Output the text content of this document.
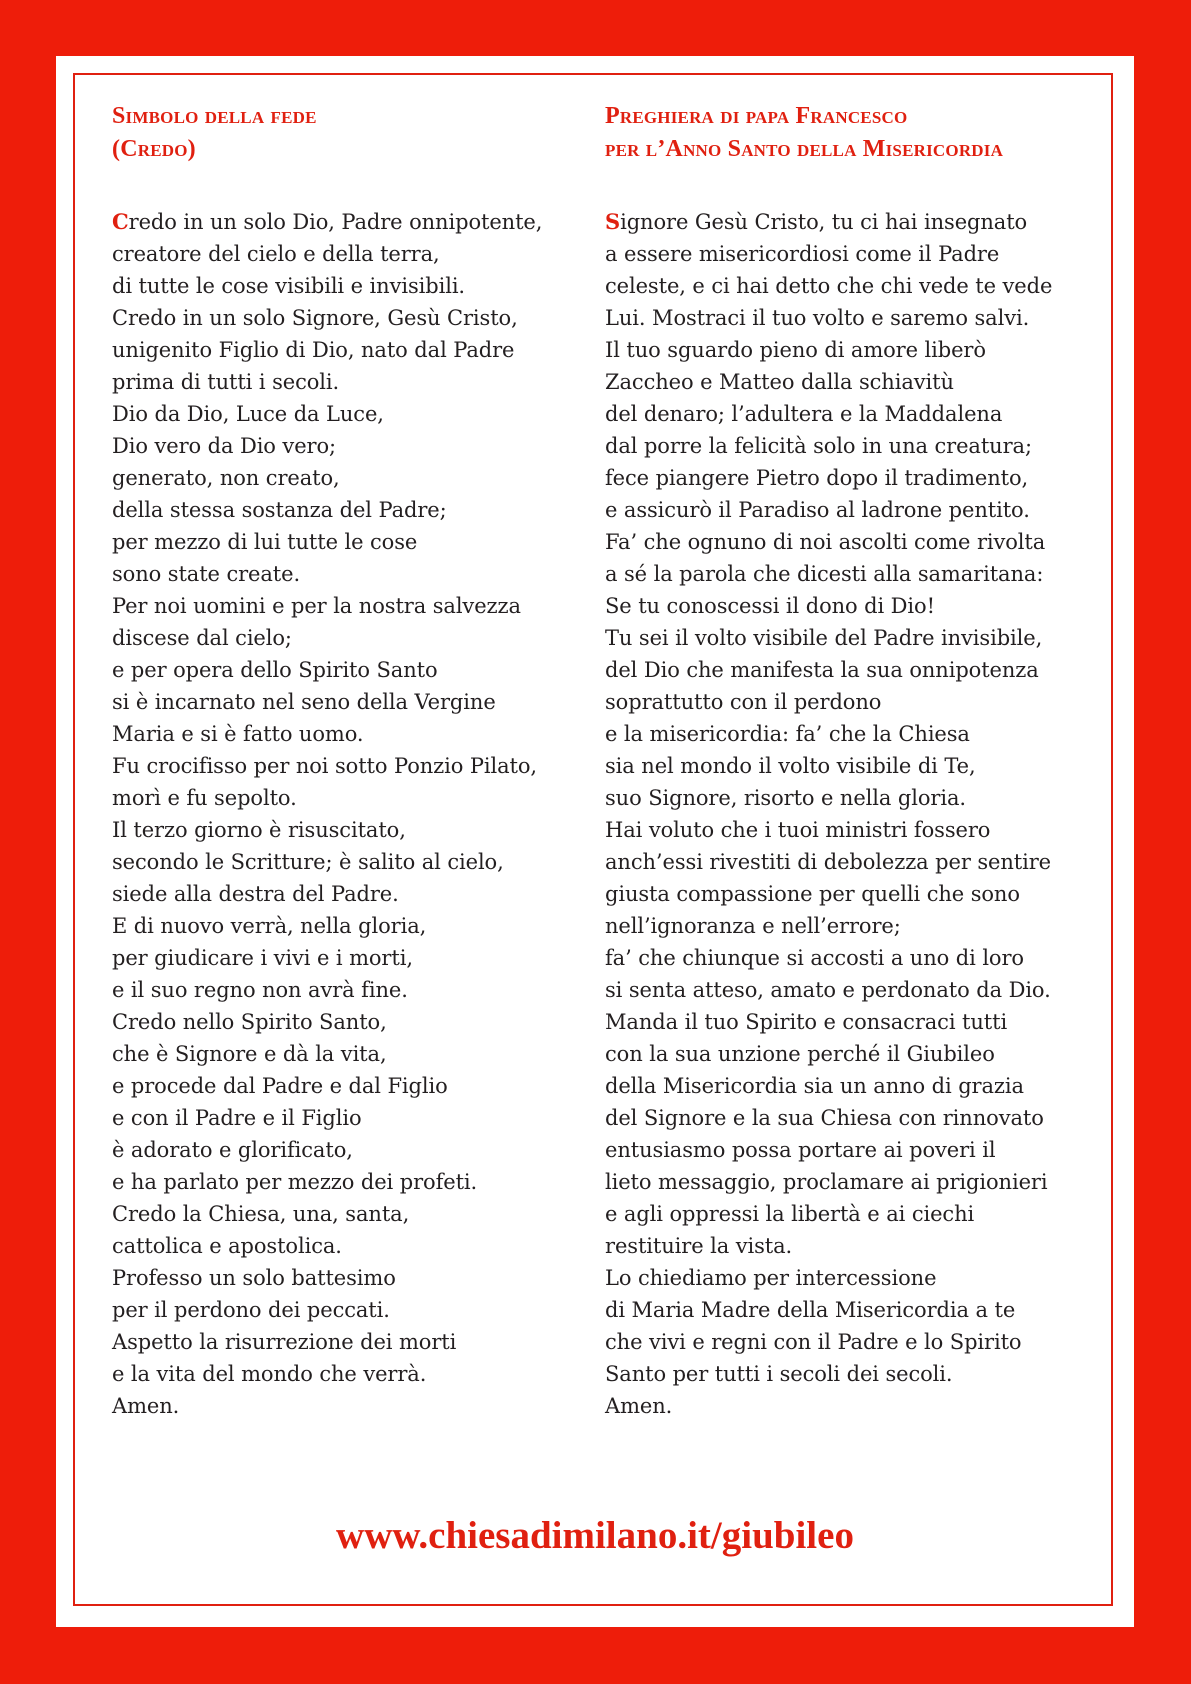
Simbolo della fede
(Credo)
Credo in un solo Dio, Padre onnipotente,
creatore del cielo e della terra,
di tutte le cose visibili e invisibili.
Credo in un solo Signore, Gesù Cristo,
unigenito Figlio di Dio, nato dal Padre
prima di tutti i secoli.
Dio da Dio, Luce da Luce,
Dio vero da Dio vero;
generato, non creato,
della stessa sostanza del Padre;
per mezzo di lui tutte le cose
sono state create.
Per noi uomini e per la nostra salvezza
discese dal cielo;
e per opera dello Spirito Santo
si è incarnato nel seno della Vergine
Maria e si è fatto uomo.
Fu crocifisso per noi sotto Ponzio Pilato,
morì e fu sepolto.
Il terzo giorno è risuscitato,
secondo le Scritture; è salito al cielo,
siede alla destra del Padre.
E di nuovo verrà, nella gloria,
per giudicare i vivi e i morti,
e il suo regno non avrà fine.
Credo nello Spirito Santo,
che è Signore e dà la vita,
e procede dal Padre e dal Figlio
e con il Padre e il Figlio
è adorato e glorificato,
e ha parlato per mezzo dei profeti.
Credo la Chiesa, una, santa,
cattolica e apostolica.
Professo un solo battesimo
per il perdono dei peccati.
Aspetto la risurrezione dei morti
e la vita del mondo che verrà.
Amen.
Preghiera di papa Francesco
per l’Anno Santo della Misericordia
Signore Gesù Cristo, tu ci hai insegnato
a essere misericordiosi come il Padre
celeste, e ci hai detto che chi vede te vede
Lui. Mostraci il tuo volto e saremo salvi.
Il tuo sguardo pieno di amore liberò
Zaccheo e Matteo dalla schiavitù
del denaro; l’adultera e la Maddalena
dal porre la felicità solo in una creatura;
fece piangere Pietro dopo il tradimento,
e assicurò il Paradiso al ladrone pentito.
Fa’ che ognuno di noi ascolti come rivolta
a sé la parola che dicesti alla samaritana:
Se tu conoscessi il dono di Dio!
Tu sei il volto visibile del Padre invisibile,
del Dio che manifesta la sua onnipotenza
soprattutto con il perdono
e la misericordia: fa’ che la Chiesa
sia nel mondo il volto visibile di Te,
suo Signore, risorto e nella gloria.
Hai voluto che i tuoi ministri fossero
anch’essi rivestiti di debolezza per sentire
giusta compassione per quelli che sono
nell’ignoranza e nell’errore;
fa’ che chiunque si accosti a uno di loro
si senta atteso, amato e perdonato da Dio.
Manda il tuo Spirito e consacraci tutti
con la sua unzione perché il Giubileo
della Misericordia sia un anno di grazia
del Signore e la sua Chiesa con rinnovato
entusiasmo possa portare ai poveri il
lieto messaggio, proclamare ai prigionieri
e agli oppressi la libertà e ai ciechi
restituire la vista.
Lo chiediamo per intercessione
di Maria Madre della Misericordia a te
che vivi e regni con il Padre e lo Spirito
Santo per tutti i secoli dei secoli.
Amen.
www.chiesadimilano.it/giubileo
